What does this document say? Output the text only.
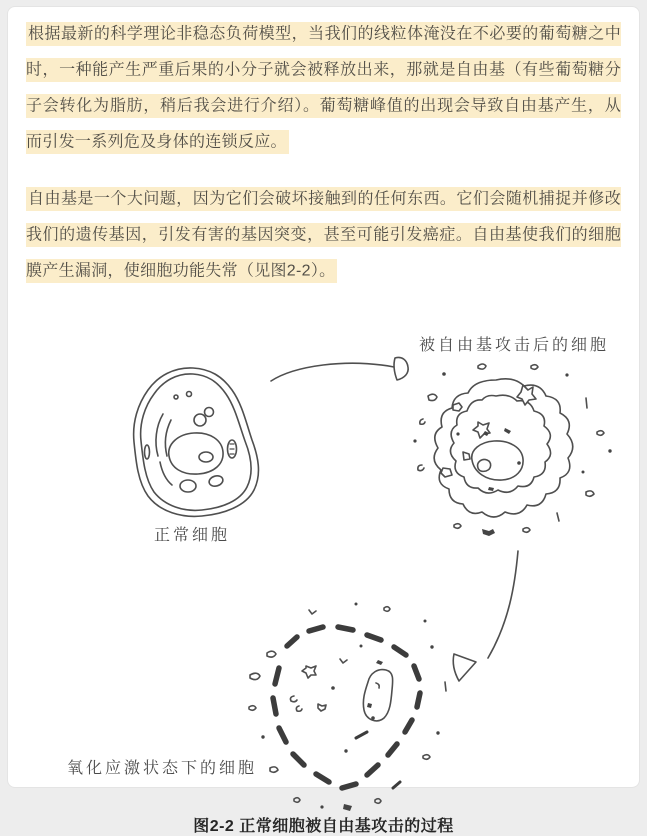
根据最新的科学理论非稳态负荷模型，当我们的线粒体淹没在不必要的葡萄糖之中时，一种能产生严重后果的小分子就会被释放出来，那就是自由基（有些葡萄糖分子会转化为脂肪，稍后我会进行介绍）。葡萄糖峰值的出现会导致自由基产生，从而引发一系列危及身体的连锁反应。

自由基是一个大问题，因为它们会破坏接触到的任何东西。它们会随机捕捉并修改我们的遗传基因，引发有害的基因突变，甚至可能引发癌症。自由基使我们的细胞膜产生漏洞，使细胞功能失常（见图2-2）。

正常细胞
被自由基攻击后的细胞
氧化应激状态下的细胞
图2-2 正常细胞被自由基攻击的过程
